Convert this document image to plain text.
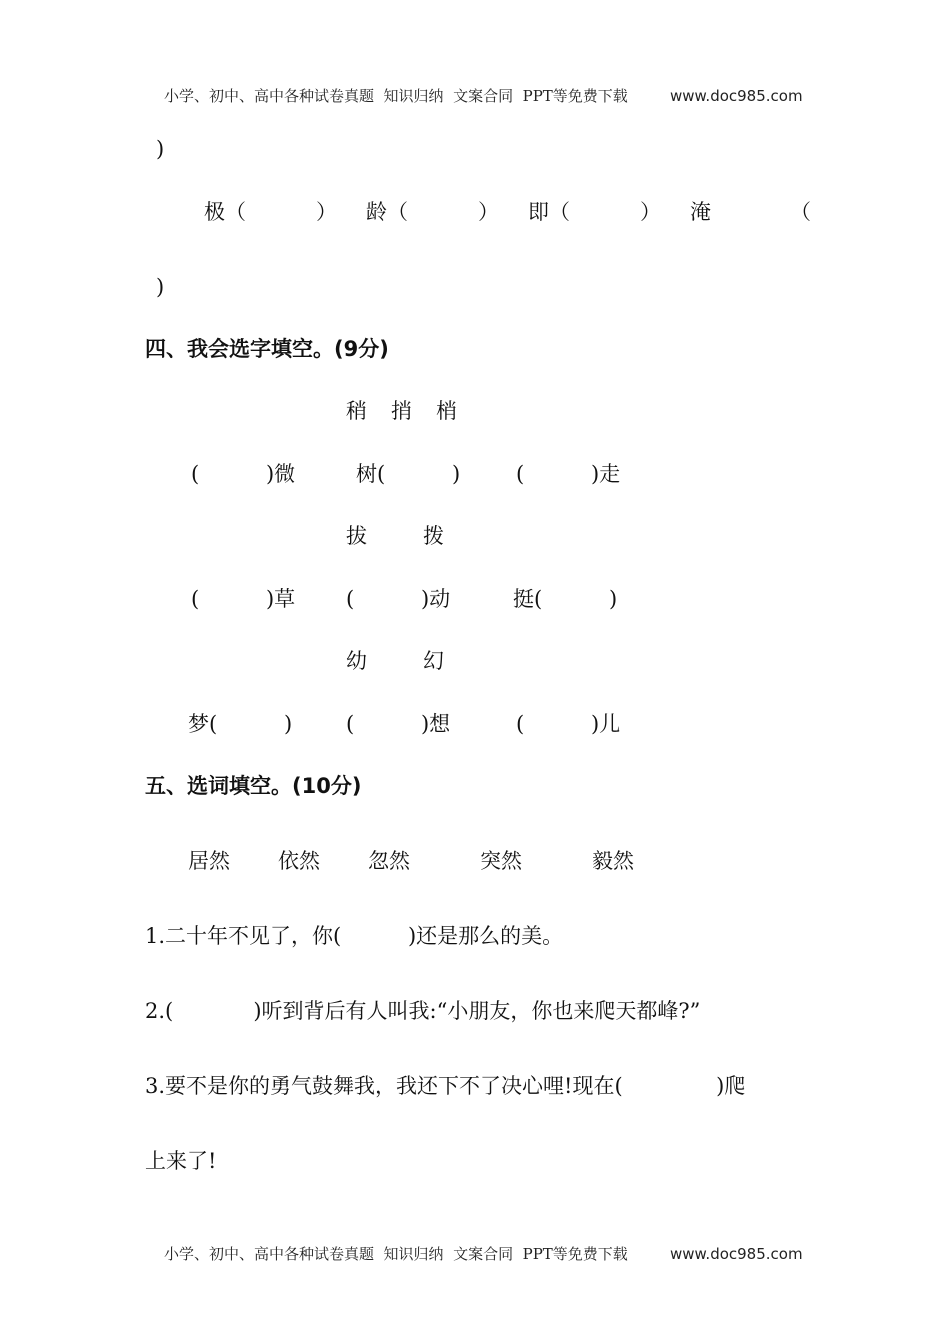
小学、初中、高中各种试卷真题  知识归纳  文案合同  PPT等免费下载	www.doc985.com
)
极（	） 龄（	） 即（	） 淹	（
)
四、我会选字填空。(9分)
稍 捎 梢
(          )微	树(          )	(          )走
拔	拨
(          )草 (          )动	挺(          )
幼	幻
梦(          )	(          )想	(          )儿
五、选词填空。(10分)
居然 依然 忽然	突然	毅然
1.二十年不见了，你(          )还是那么的美。
2.(            )听到背后有人叫我:“小朋友，你也来爬天都峰?”
3.要不是你的勇气鼓舞我，我还下不了决心哩!现在(              )爬
上来了!
小学、初中、高中各种试卷真题  知识归纳  文案合同  PPT等免费下载	www.doc985.com
